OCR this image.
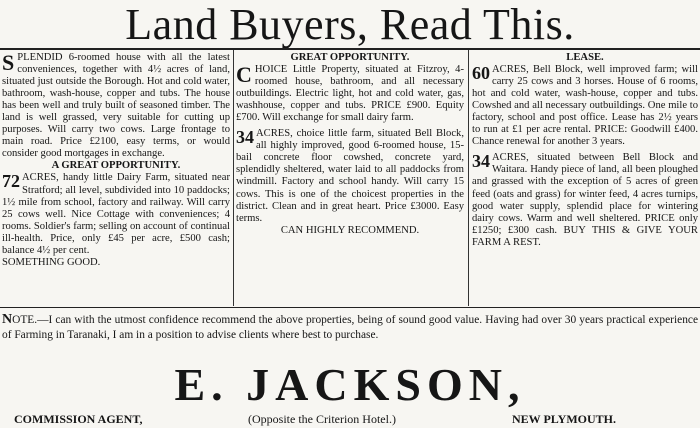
Land Buyers, Read This.

SPLENDID 6-roomed house with all the latest conveniences, together with 4½ acres of land, situated just outside the Borough. Hot and cold water, bathroom, wash-house, copper and tubs. The house has been well and truly built of seasoned timber. The land is well grassed, very suitable for cutting up purposes. Will carry two cows. Large frontage to main road. Price £2100, easy terms, or would consider good mortgages in exchange.

A GREAT OPPORTUNITY.

72 ACRES, handy little Dairy Farm, situated near Stratford; all level, subdivided into 10 paddocks; 1½ mile from school, factory and railway. Will carry 25 cows well. Nice Cottage with conveniences; 4 rooms. Soldier's farm; selling on account of continual ill-health. Price, only £45 per acre, £500 cash; balance 4½ per cent.

SOMETHING GOOD.

GREAT OPPORTUNITY.

CHOICE Little Property, situated at Fitzroy, 4-roomed house, bathroom, and all necessary outbuildings. Electric light, hot and cold water, gas, washhouse, copper and tubs. PRICE £900. Equity £700. Will exchange for small dairy farm.

34 ACRES, choice little farm, situated Bell Block, all highly improved, good 6-roomed house, 15-bail concrete floor cowshed, concrete yard, splendidly sheltered, water laid to all paddocks from windmill. Factory and school handy. Will carry 15 cows. This is one of the choicest properties in the district. Clean and in great heart. Price £3000. Easy terms.

CAN HIGHLY RECOMMEND.

LEASE.

60 ACRES, Bell Block, well improved farm; will carry 25 cows and 3 horses. House of 6 rooms, hot and cold water, wash-house, copper and tubs. Cowshed and all necessary outbuildings. One mile to factory, school and post office. Lease has 2½ years to run at £1 per acre rental. PRICE: Goodwill £400. Chance renewal for another 3 years.

34 ACRES, situated between Bell Block and Waitara. Handy piece of land, all been ploughed and grassed with the exception of 5 acres of green feed (oats and grass) for winter feed, 4 acres turnips, good water supply, splendid place for wintering dairy cows. Warm and well sheltered. PRICE only £1250; £300 cash. BUY THIS & GIVE YOUR FARM A REST.

NOTE.—I can with the utmost confidence recommend the above properties, being of sound good value. Having had over 30 years practical experience of Farming in Taranaki, I am in a position to advise clients where best to purchase.
E. JACKSON,
COMMISSION AGENT,	(Opposite the Criterion Hotel.)	NEW PLYMOUTH.
